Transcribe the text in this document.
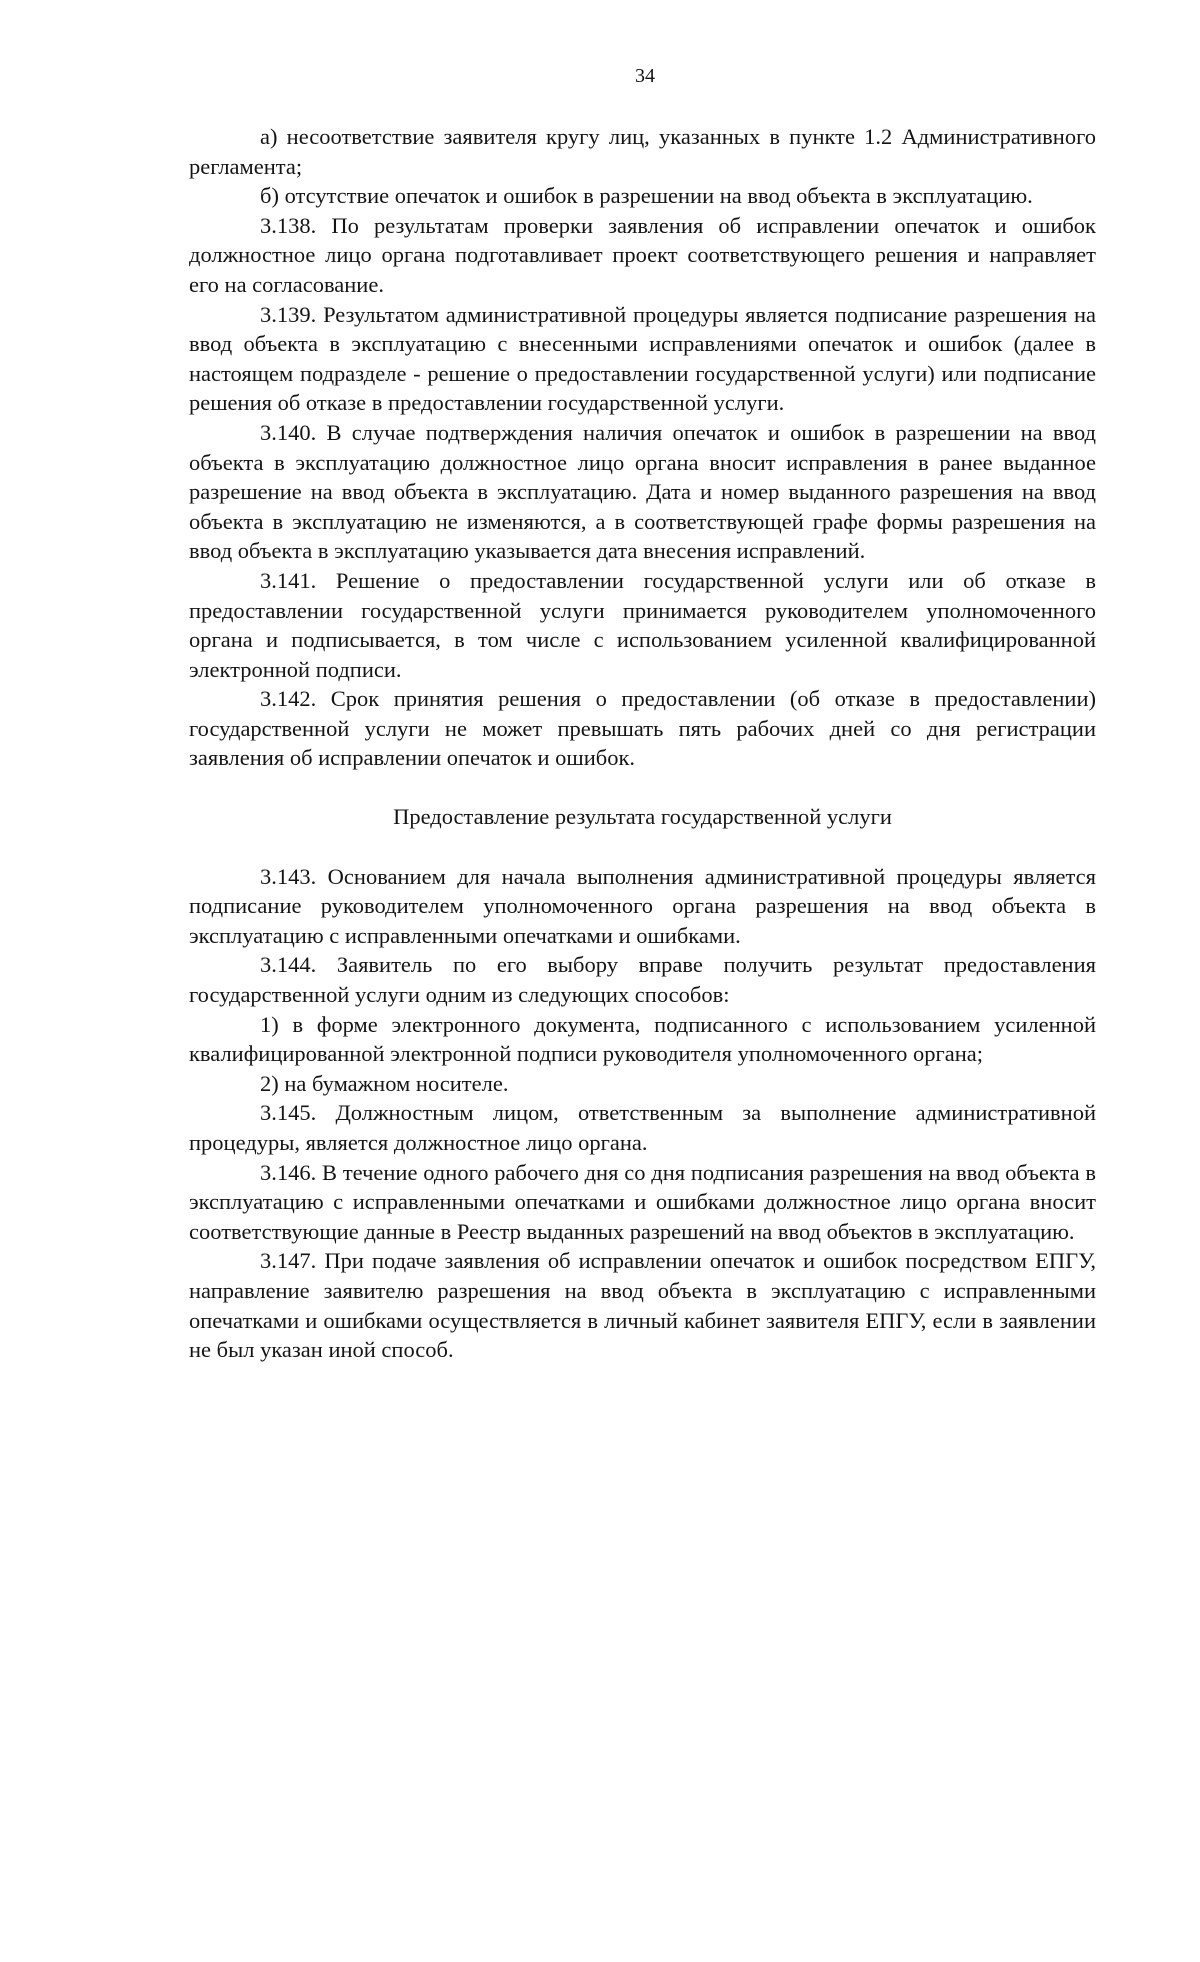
34

а) несоответствие заявителя кругу лиц, указанных в пункте 1.2 Административного регламента;

б) отсутствие опечаток и ошибок в разрешении на ввод объекта в эксплуатацию.

3.138. По результатам проверки заявления об исправлении опечаток и ошибок должностное лицо органа подготавливает проект соответствующего решения и направляет его на согласование.

3.139. Результатом административной процедуры является подписание разрешения на ввод объекта в эксплуатацию с внесенными исправлениями опечаток и ошибок (далее в настоящем подразделе - решение о предоставлении государственной услуги) или подписание решения об отказе в предоставлении государственной услуги.

3.140. В случае подтверждения наличия опечаток и ошибок в разрешении на ввод объекта в эксплуатацию должностное лицо органа вносит исправления в ранее выданное разрешение на ввод объекта в эксплуатацию. Дата и номер выданного разрешения на ввод объекта в эксплуатацию не изменяются, а в соответствующей графе формы разрешения на ввод объекта в эксплуатацию указывается дата внесения исправлений.

3.141. Решение о предоставлении государственной услуги или об отказе в предоставлении государственной услуги принимается руководителем уполномоченного органа и подписывается, в том числе с использованием усиленной квалифицированной электронной подписи.

3.142. Срок принятия решения о предоставлении (об отказе в предоставлении) государственной услуги не может превышать пять рабочих дней со дня регистрации заявления об исправлении опечаток и ошибок.

Предоставление результата государственной услуги

3.143. Основанием для начала выполнения административной процедуры является подписание руководителем уполномоченного органа разрешения на ввод объекта в эксплуатацию с исправленными опечатками и ошибками.

3.144. Заявитель по его выбору вправе получить результат предоставления государственной услуги одним из следующих способов:

1) в форме электронного документа, подписанного с использованием усиленной квалифицированной электронной подписи руководителя уполномоченного органа;

2) на бумажном носителе.

3.145. Должностным лицом, ответственным за выполнение административной процедуры, является должностное лицо органа.

3.146. В течение одного рабочего дня со дня подписания разрешения на ввод объекта в эксплуатацию с исправленными опечатками и ошибками должностное лицо органа вносит соответствующие данные в Реестр выданных разрешений на ввод объектов в эксплуатацию.

3.147. При подаче заявления об исправлении опечаток и ошибок посредством ЕПГУ, направление заявителю разрешения на ввод объекта в эксплуатацию с исправленными опечатками и ошибками осуществляется в личный кабинет заявителя ЕПГУ, если в заявлении не был указан иной способ.
